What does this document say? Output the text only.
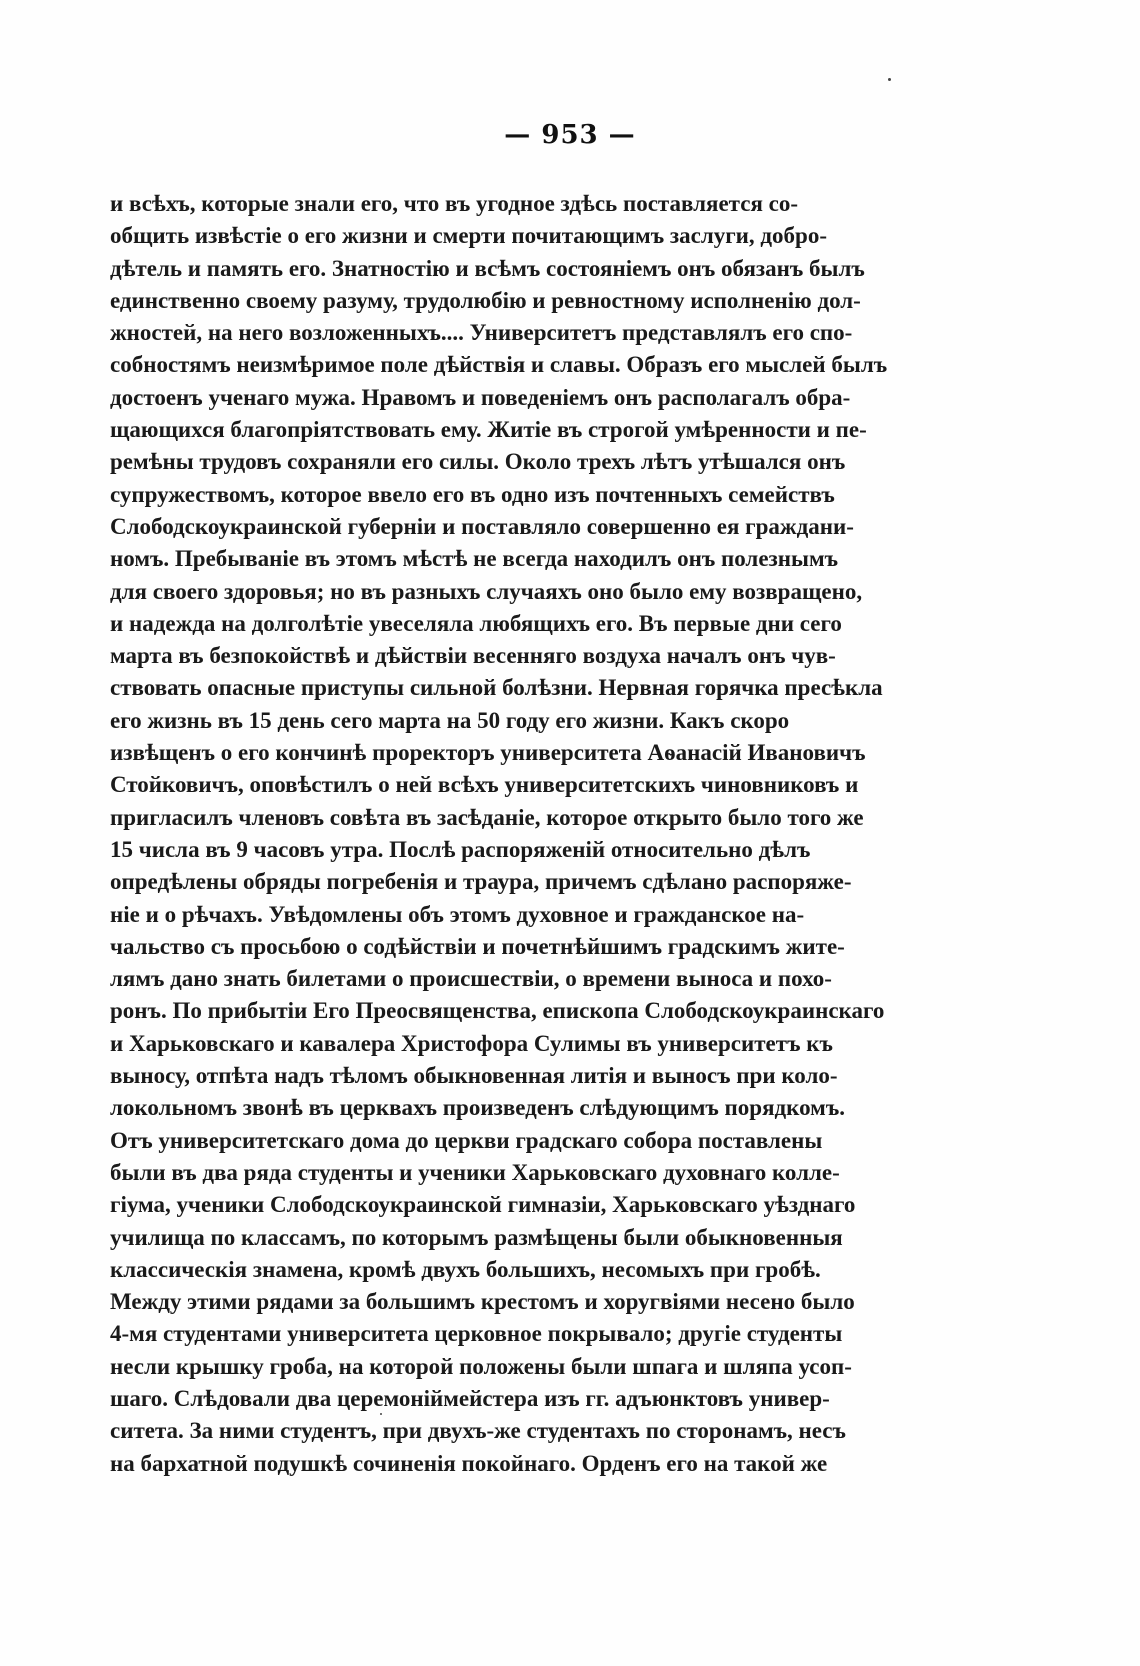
— 953 —
и всѣхъ, которые знали его, что въ угодное здѣсь поставляется со-
общить извѣстіе о его жизни и смерти почитающимъ заслуги, добро-
дѣтель и память его. Знатностію и всѣмъ состояніемъ онъ обязанъ былъ
единственно своему разуму, трудолюбію и ревностному исполненію дол-
жностей, на него возложенныхъ.... Университетъ представлялъ его спо-
собностямъ неизмѣримое поле дѣйствія и славы. Образъ его мыслей былъ
достоенъ ученаго мужа. Нравомъ и поведеніемъ онъ располагалъ обра-
щающихся благопріятствовать ему. Житіе въ строгой умѣренности и пе-
ремѣны трудовъ сохраняли его силы. Около трехъ лѣтъ утѣшался онъ
супружествомъ, которое ввело его въ одно изъ почтенныхъ семействъ
Слободскоукраинской губерніи и поставляло совершенно ея граждани-
номъ. Пребываніе въ этомъ мѣстѣ не всегда находилъ онъ полезнымъ
для своего здоровья; но въ разныхъ случаяхъ оно было ему возвращено,
и надежда на долголѣтіе увеселяла любящихъ его. Въ первые дни сего
марта въ безпокойствѣ и дѣйствіи весенняго воздуха началъ онъ чув-
ствовать опасные приступы сильной болѣзни. Нервная горячка пресѣкла
его жизнь въ 15 день сего марта на 50 году его жизни. Какъ скоро
извѣщенъ о его кончинѣ проректоръ университета Аѳанасій Ивановичъ
Стойковичъ, оповѣстилъ о ней всѣхъ университетскихъ чиновниковъ и
пригласилъ членовъ совѣта въ засѣданіе, которое открыто было того же
15 числа въ 9 часовъ утра. Послѣ распоряженій относительно дѣлъ
опредѣлены обряды погребенія и траура, причемъ сдѣлано распоряже-
ніе и о рѣчахъ. Увѣдомлены объ этомъ духовное и гражданское на-
чальство съ просьбою о содѣйствіи и почетнѣйшимъ градскимъ жите-
лямъ дано знать билетами о происшествіи, о времени выноса и похо-
ронъ. По прибытіи Его Преосвященства, епископа Слободскоукраинскаго
и Харьковскаго и кавалера Христофора Сулимы въ университетъ къ
выносу, отпѣта надъ тѣломъ обыкновенная литія и выносъ при коло-
локольномъ звонѣ въ церквахъ произведенъ слѣдующимъ порядкомъ.
Отъ университетскаго дома до церкви градскаго собора поставлены
были въ два ряда студенты и ученики Харьковскаго духовнаго колле-
гіума, ученики Слободскоукраинской гимназіи, Харьковскаго уѣзднаго
училища по классамъ, по которымъ размѣщены были обыкновенныя
классическія знамена, кромѣ двухъ большихъ, несомыхъ при гробѣ.
Между этими рядами за большимъ крестомъ и хоругвіями несено было
4-мя студентами университета церковное покрывало; другіе студенты
несли крышку гроба, на которой положены были шпага и шляпа усоп-
шаго. Слѣдовали два церемоніймейстера изъ гг. адъюнктовъ универ-
ситета. За ними студентъ, при двухъ-же студентахъ по сторонамъ, несъ
на бархатной подушкѣ сочиненія покойнаго. Орденъ его на такой же
